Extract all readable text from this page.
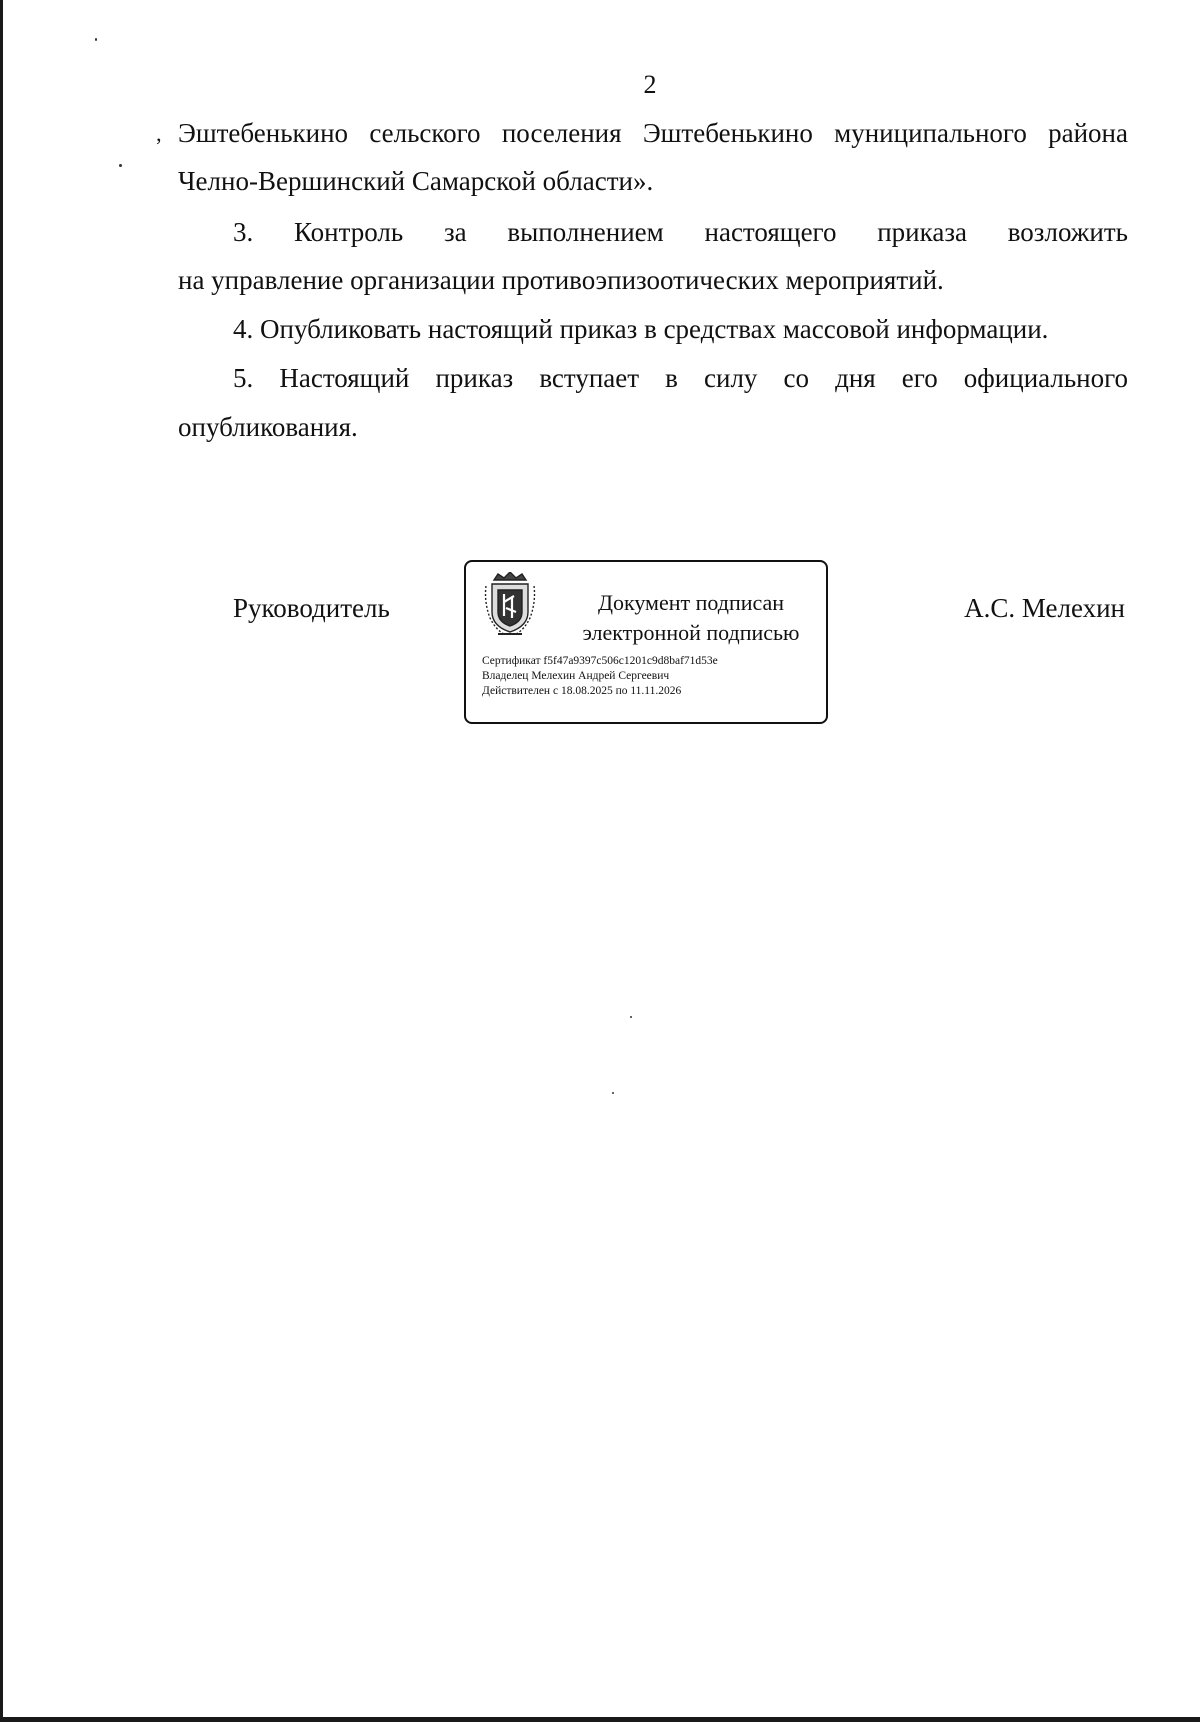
2
‚ Эштебенькино сельского поселения Эштебенькино муниципального района
Челно-Вершинский Самарской области».
3. Контроль за выполнением настоящего приказа возложить
на управление организации противоэпизоотических мероприятий.
4. Опубликовать настоящий приказ в средствах массовой информации.
5. Настоящий приказ вступает в силу со дня его официального
опубликования.
Руководитель	Документ подписан
электронной подписью
Сертификат f5f47a9397c506c1201c9d8baf71d53e
Владелец Мелехин Андрей Сергеевич
Действителен с 18.08.2025 по 11.11.2026
А.С. Мелехин
